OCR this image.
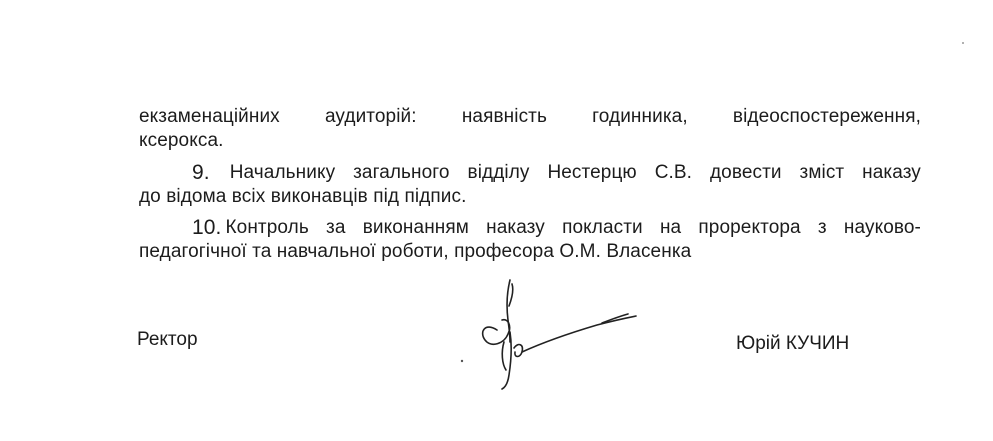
екзаменаційних аудиторій: наявність годинника, відеоспостереження,
ксерокса.
9. Начальнику загального відділу Нестерцю С.В. довести зміст наказу
до відома всіх виконавців під підпис.
10. Контроль за виконанням наказу покласти на проректора з науково-
педагогічної та навчальної роботи, професора О.М. Власенка
Ректор	Юрій КУЧИН
